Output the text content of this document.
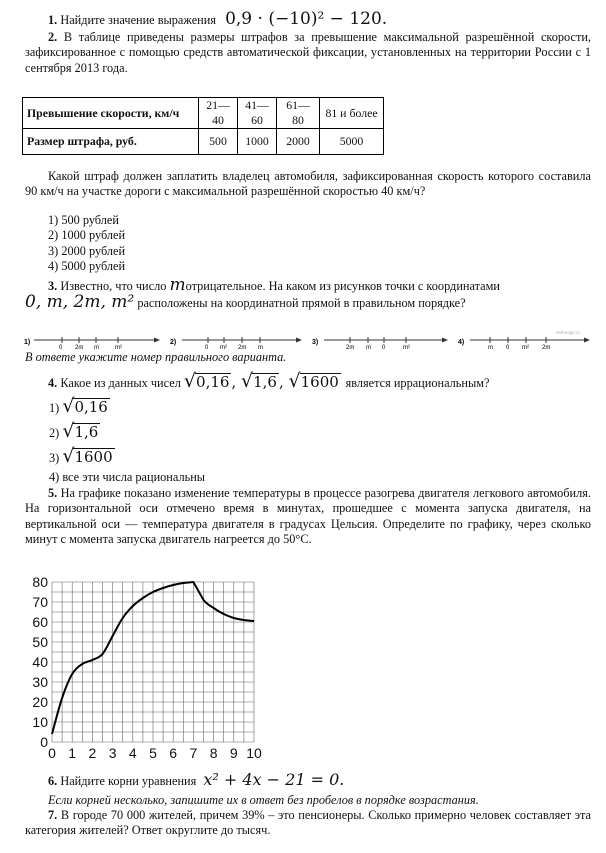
1. Найдите значение выражения 0,9 · (−10)² − 120.
2. В таблице приведены размеры штрафов за превышение максимальной разрешённой скорости, зафиксированное с помощью средств автоматической фиксации, установленных на территории России с 1 сентября 2013 года.
Превышение скорости, км/ч	21—40	41—60	61—80	81 и более
Размер штрафа, руб.	500	1000	2000	5000
Какой штраф должен заплатить владелец автомобиля, зафиксированная скорость которого составила 90 км/ч на участке дороги с максимальной разрешённой скоростью 40 км/ч?
1) 500 рублей
2) 1000 рублей
3) 2000 рублей
4) 5000 рублей
3. Известно, что число mотрицательное. На каком из рисунков точки с координатами
0, m, 2m, m² расположены на координатной прямой в правильном порядке?
1)
0 2m m	m²
2)
0 m² 2m m
3)
2m m 0	m²
4)
m 0 m² 2m
reshuoge.ru
В ответе укажите номер правильного варианта.
4. Какое из данных чисел √0,16 , √1,6 , √1600 является иррациональным?
1) √0,16
2) √1,6
3) √1600
4) все эти числа рациональны
5. На графике показано изменение температуры в процессе разогрева двигателя легкового автомобиля. На горизонтальной оси отмечено время в минутах, прошедшее с момента запуска двигателя, на вертикальной оси — температура двигателя в градусах Цельсия. Определите по графику, через сколько минут с момента запуска двигатель нагреется до 50°C.
0
10
20
30
40
50
60
70
80
0 1 2 3 4 5 6 7 8 9 10
6. Найдите корни уравнения x² + 4x − 21 = 0.
Если корней несколько, запишите их в ответ без пробелов в порядке возрастания.
7. В городе 70 000 жителей, причем 39% – это пенсионеры. Сколько примерно человек составляет эта категория жителей? Ответ округлите до тысяч.
